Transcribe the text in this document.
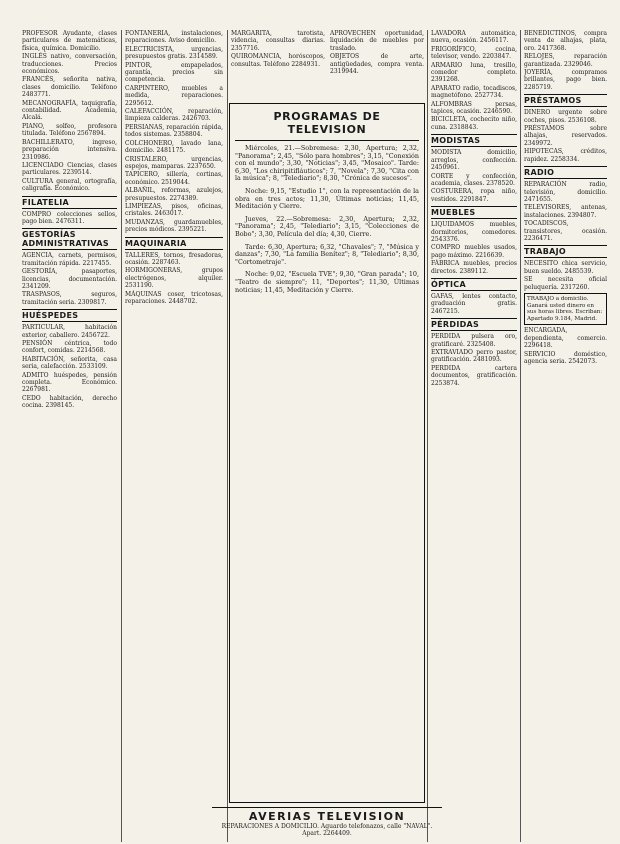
PROFESOR Ayudante, clases particulares de matemáticas, física, química. Domicilio.
INGLÉS nativo, conversación, traducciones. Precios económicos.
FRANCÉS, señorita nativa, clases domicilio. Teléfono 2483771.
MECANOGRAFÍA, taquigrafía, contabilidad. Academia, Alcalá.
PIANO, solfeo, profesora titulada. Teléfono 2567894.
BACHILLERATO, ingreso, preparación intensiva. 2310986.
LICENCIADO Ciencias, clases particulares. 2239514.
CULTURA general, ortografía, caligrafía. Económico.
FILATELIA
COMPRO colecciones sellos, pago bien. 2476311.
GESTORÍAS ADMINISTRATIVAS
AGENCIA, carnets, permisos, tramitación rápida. 2217455.
GESTORÍA, pasaportes, licencias, documentación. 2341209.
TRASPASOS, seguros, tramitación seria. 2309817.
HUÉSPEDES
PARTICULAR, habitación exterior, caballero. 2456722.
PENSIÓN céntrica, todo confort, comidas. 2214568.
HABITACIÓN, señorita, casa seria, calefacción. 2533109.
ADMITO huéspedes, pensión completa. Económico. 2267981.
CEDO habitación, derecho cocina. 2398145.
FONTANERÍA, instalaciones, reparaciones. Aviso domicilio.
ELECTRICISTA, urgencias, presupuestos gratis. 2314589.
PINTOR, empapelados, garantía, precios sin competencia.
CARPINTERO, muebles a medida, reparaciones. 2295612.
CALEFACCIÓN, reparación, limpieza calderas. 2426703.
PERSIANAS, reparación rápida, todos sistemas. 2358804.
COLCHONERO, lavado lana, domicilio. 2481175.
CRISTALERO, urgencias, espejos, mamparas. 2237650.
TAPICERO, sillería, cortinas, económico. 2519044.
ALBAÑIL, reformas, azulejos, presupuestos. 2274389.
LIMPIEZAS, pisos, oficinas, cristales. 2463017.
MUDANZAS, guardamuebles, precios módicos. 2395221.
MAQUINARIA
TALLERES, tornos, fresadoras, ocasión. 2287463.
HORMIGONERAS, grupos electrógenos, alquiler. 2531190.
MÁQUINAS coser, tricotosas, reparaciones. 2448702.
MARGARITA, tarotista, videncia, consultas diarias. 2357716.
QUIROMANCIA, horóscopos, consultas. Teléfono 2284931.
APROVECHEN oportunidad, liquidación de muebles por traslado.
OBJETOS de arte, antigüedades, compra venta. 2319944.
PROGRAMAS DE TELEVISION

Miércoles, 21.—Sobremesa: 2,30, Apertura; 2,32, "Panorama"; 2,45, "Sólo para hombres"; 3,15, "Conexión con el mundo"; 3,30, "Noticias"; 3,45, "Mosaico". Tarde: 6,30, "Los chiripitifláuticos"; 7, "Novela"; 7,30, "Cita con la música"; 8, "Telediario"; 8,30, "Crónica de sucesos".

Noche: 9,15, "Estudio 1", con la representación de la obra en tres actos; 11,30, Últimas noticias; 11,45, Meditación y Cierre.

Jueves, 22.—Sobremesa: 2,30, Apertura; 2,32, "Panorama"; 2,45, "Telediario"; 3,15, "Colecciones de Bobo"; 3,30, Película del día; 4,30, Cierre.

Tarde: 6,30, Apertura; 6,32, "Chavales"; 7, "Música y danzas"; 7,30, "La familia Benítez"; 8, "Telediario"; 8,30, "Cortometraje".

Noche: 9,02, "Escuela TVE"; 9,30, "Gran parada"; 10, "Teatro de siempre"; 11, "Deportes"; 11,30, Últimas noticias; 11,45, Meditación y Cierre.

LAVADORA automática, nueva, ocasión. 2456117.
FRIGORÍFICO, cocina, televisor, vendo. 2203847.
ARMARIO luna, tresillo, comedor completo. 2391268.
APARATO radio, tocadiscos, magnetófono. 2527734.
ALFOMBRAS persas, tapices, ocasión. 2246590.
BICICLETA, cochecito niño, cuna. 2318843.
MODISTAS
MODISTA domicilio, arreglos, confección. 2450961.
CORTE y confección, academia, clases. 2378520.
COSTURERA, ropa niño, vestidos. 2291847.
MUEBLES
LIQUIDAMOS muebles, dormitorios, comedores. 2543376.
COMPRO muebles usados, pago máximo. 2216639.
FÁBRICA muebles, precios directos. 2389112.
ÓPTICA
GAFAS, lentes contacto, graduación gratis. 2467215.
PÉRDIDAS
PERDIDA pulsera oro, gratificaré. 2325408.
EXTRAVIADO perro pastor, gratificación. 2481093.
PERDIDA cartera documentos, gratificación. 2253874.
BENEDICTINOS, compra venta de alhajas, plata, oro. 2417368.
RELOJES, reparación garantizada. 2329046.
JOYERÍA, compramos brillantes, pago bien. 2285719.
PRÉSTAMOS
DINERO urgente sobre coches, pisos. 2536108.
PRÉSTAMOS sobre alhajas, reservados. 2349972.
HIPOTECAS, créditos, rapidez. 2258334.
RADIO
REPARACIÓN radio, televisión, domicilio. 2471655.
TELEVISORES, antenas, instalaciones. 2394807.
TOCADISCOS, transistores, ocasión. 2236471.
TRABAJO
NECESITO chica servicio, buen sueldo. 2485539.
SE necesita oficial peluquería. 2317260.
TRABAJO a domicilio. Ganará usted dinero en sus horas libres. Escriban: Apartado 9.184, Madrid.
ENCARGADA, dependienta, comercio. 2296418.
SERVICIO doméstico, agencia seria. 2542073.
AVERIAS TELEVISION
REPARACIONES A DOMICILIO. Aguardo telefonazos, calle "NAVAL". Apart. 2264409.
